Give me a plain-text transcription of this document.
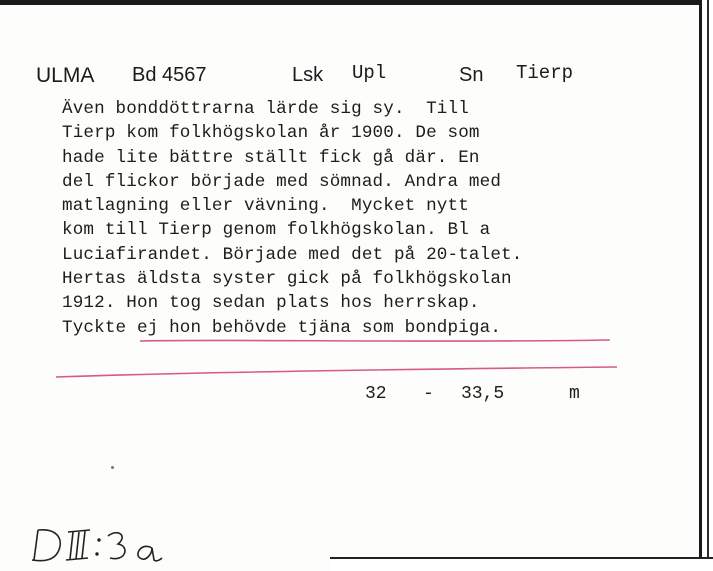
ULMA

Bd 4567

	Lsk

Upl

	Sn

Tierp

Även bonddöttrarna lärde sig sy.  Till
Tierp kom folkhögskolan år 1900. De som
hade lite bättre ställt fick gå där. En
del flickor började med sömnad. Andra med
matlagning eller vävning.  Mycket nytt
kom till Tierp genom folkhögskolan. Bl a
Luciafirandet. Började med det på 20-talet.
Hertas äldsta syster gick på folkhögskolan
1912. Hon tog sedan plats hos herrskap.
Tyckte ej hon behövde tjäna som bondpiga.

32

-

33,5

	m
